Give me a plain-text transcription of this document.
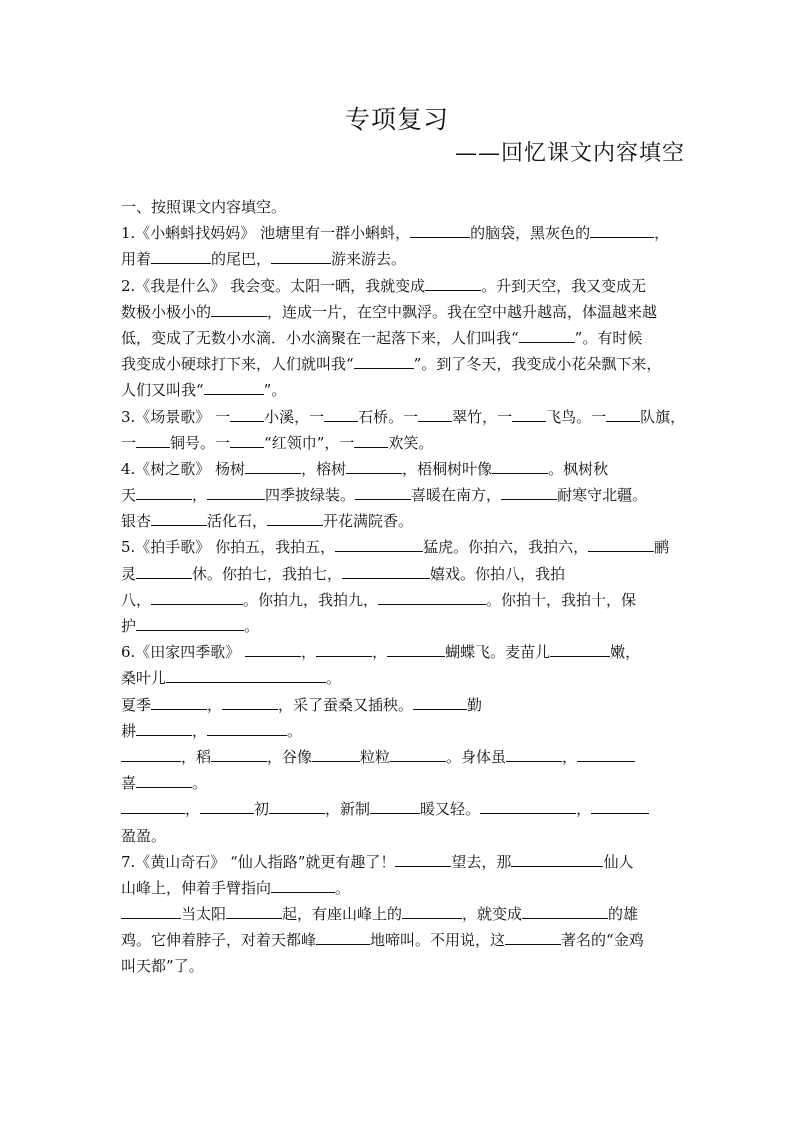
专项复习
——回忆课文内容填空
一、按照课文内容填空。
1.《小蝌蚪找妈妈》 池塘里有一群小蝌蚪，	的脑袋，黑灰色的	，
用着	的尾巴，	游来游去。
2.《我是什么》 我会变。太阳一晒，我就变成	。升到天空，我又变成无
数极小极小的	，连成一片，在空中飘浮。我在空中越升越高，体温越来越
低，变成了无数小水滴．小水滴聚在一起落下来，人们叫我“	”。有时候
我变成小硬球打下来，人们就叫我“	”。到了冬天，我变成小花朵飘下来，
人们又叫我“	”。
3.《场景歌》 一 小溪，一 石桥。一 翠竹，一 飞鸟。一 队旗，
一 铜号。一 “红领巾”，一 欢笑。
4.《树之歌》 杨树	，榕树	，梧桐树叶像	。枫树秋
天	，	四季披绿装。	喜暖在南方，	耐寒守北疆。
银杏	活化石，	开花满院香。
5.《拍手歌》 你拍五，我拍五，	猛虎。你拍六，我拍六，	鹂
灵	休。你拍七，我拍七，	嬉戏。你拍八，我拍
八，	。你拍九，我拍九，	。你拍十，我拍十，保
护	。
6.《田家四季歌》	，	，	蝴蝶飞。麦苗儿	嫩，
桑叶儿	。
夏季	，	，采了蚕桑又插秧。	勤
耕	，	。
，稻	，谷像	粒粒	。身体虽	，
喜	。
，	初	，新制	暖又轻。	，
盈盈。
7.《黄山奇石》 “仙人指路”就更有趣了！	望去，那	仙人
山峰上，伸着手臂指向	。
当太阳	起，有座山峰上的	，就变成	的雄
鸡。它伸着脖子，对着天都峰	地啼叫。不用说，这	著名的“金鸡
叫天都”了。
